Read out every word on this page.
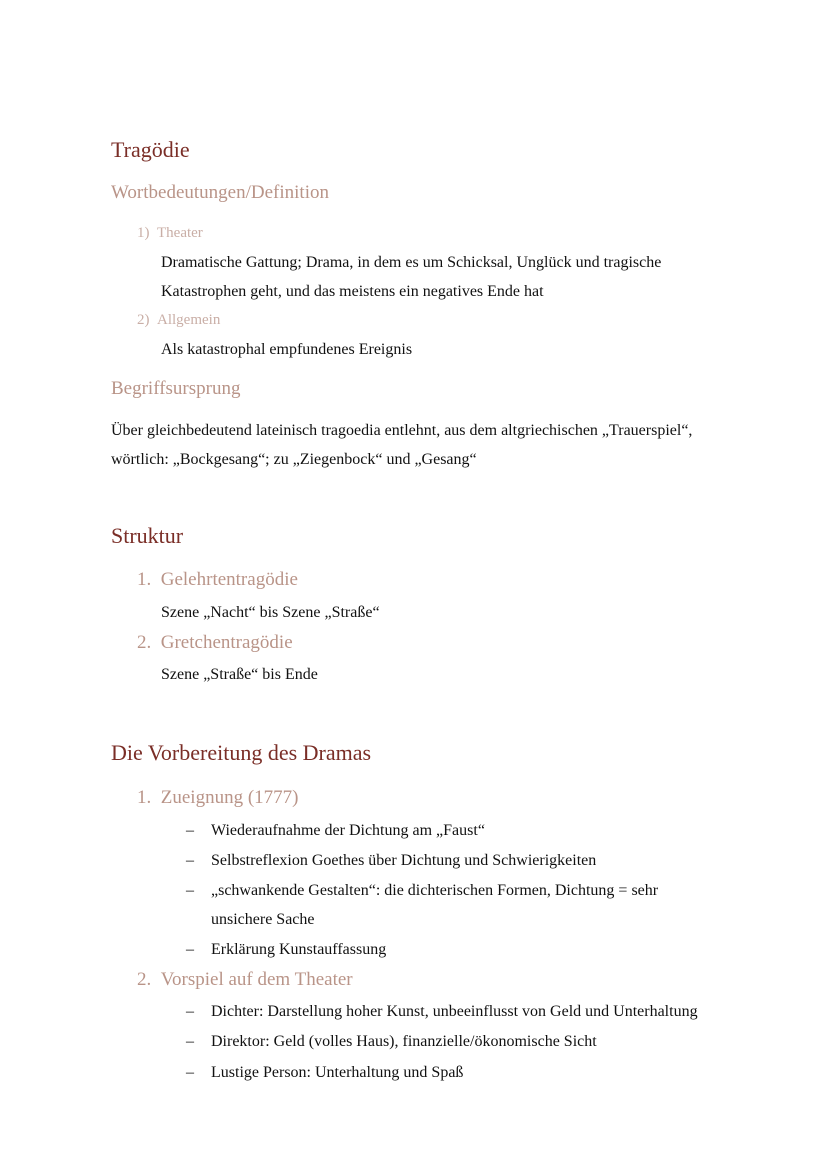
Tragödie
Wortbedeutungen/Definition
1) Theater
Dramatische Gattung; Drama, in dem es um Schicksal, Unglück und tragische
Katastrophen geht, und das meistens ein negatives Ende hat
2) Allgemein
Als katastrophal empfundenes Ereignis
Begriffsursprung
Über gleichbedeutend lateinisch tragoedia entlehnt, aus dem altgriechischen „Trauerspiel“,
wörtlich: „Bockgesang“; zu „Ziegenbock“ und „Gesang“
Struktur
1. Gelehrtentragödie
Szene „Nacht“ bis Szene „Straße“
2. Gretchentragödie
Szene „Straße“ bis Ende
Die Vorbereitung des Dramas
1. Zueignung (1777)
– Wiederaufnahme der Dichtung am „Faust“
– Selbstreflexion Goethes über Dichtung und Schwierigkeiten
– „schwankende Gestalten“: die dichterischen Formen, Dichtung = sehr
unsichere Sache
– Erklärung Kunstauffassung
2. Vorspiel auf dem Theater
– Dichter: Darstellung hoher Kunst, unbeeinflusst von Geld und Unterhaltung
– Direktor: Geld (volles Haus), finanzielle/ökonomische Sicht
– Lustige Person: Unterhaltung und Spaß
